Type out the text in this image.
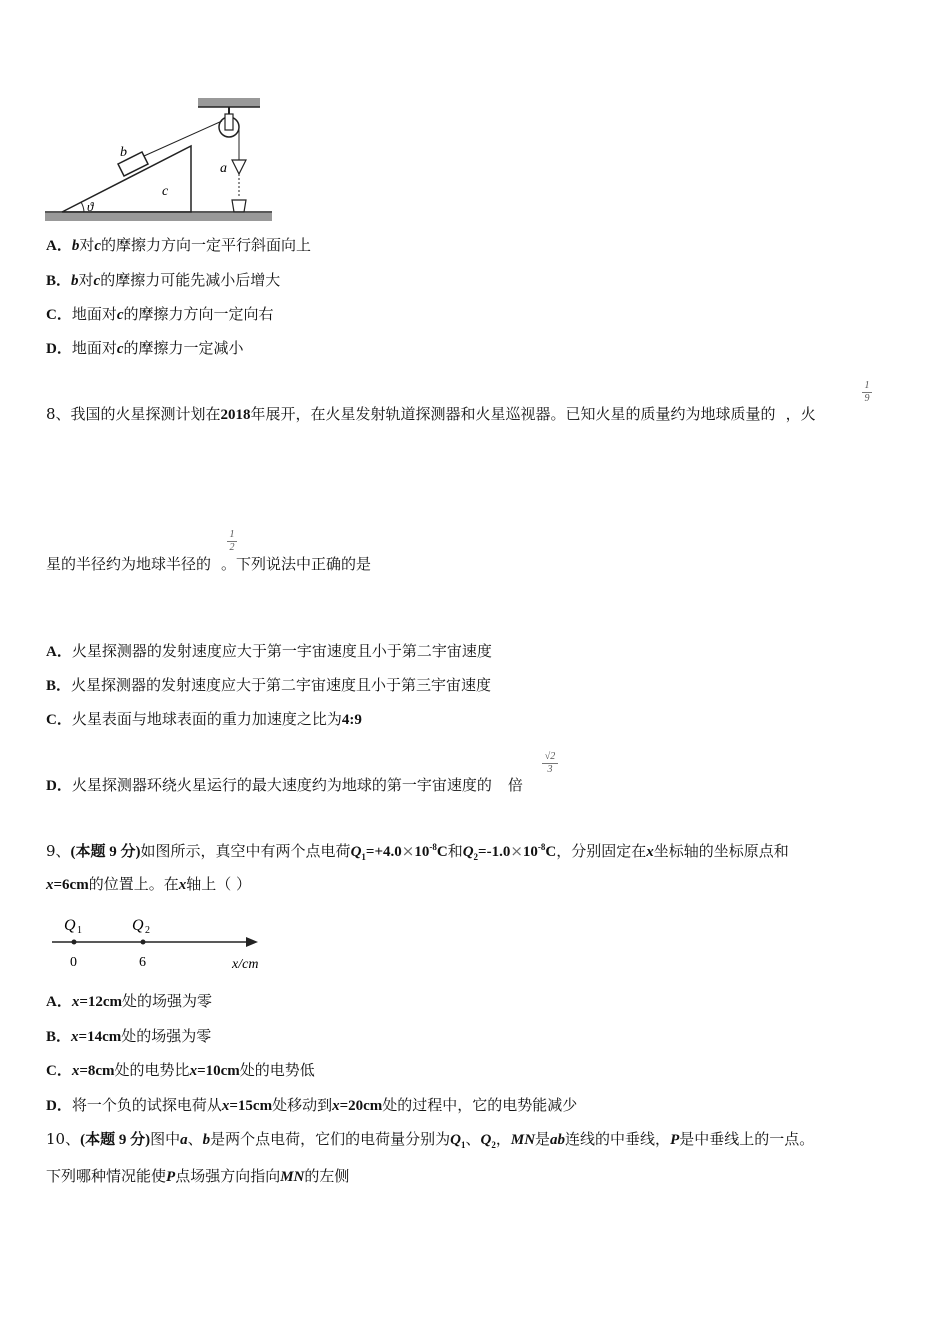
b
c
a
ϑ
A．b对c的摩擦力方向一定平行斜面向上
B．b对c的摩擦力可能先减小后增大
C．地面对c的摩擦力方向一定向右
D．地面对c的摩擦力一定减小
8、我国的火星探测计划在2018年展开，在火星发射轨道探测器和火星巡视器。已知火星的质量约为地球质量的 ，火
1
9
星的半径约为地球半径的 。下列说法中正确的是
1
2
A．火星探测器的发射速度应大于第一宇宙速度且小于第二宇宙速度
B．火星探测器的发射速度应大于第二宇宙速度且小于第三宇宙速度
C．火星表面与地球表面的重力加速度之比为4:9
D．火星探测器环绕火星运行的最大速度约为地球的第一宇宙速度的 倍
√2
3
9、(本题 9 分)如图所示，真空中有两个点电荷$Q_1=+4.0\times 10^{-8}C$和$Q_2=-1.0\times 10^{-8}C$，分别固定在x坐标轴的坐标原点和
x=6cm的位置上。在x轴上（ ）
Q 1	Q 2
0	6	x/cm
A．x=12cm处的场强为零
B．x=14cm处的场强为零
C．x=8cm处的电势比x=10cm处的电势低
D．将一个负的试探电荷从x=15cm处移动到x=20cm处的过程中，它的电势能减少
10、(本题 9 分)图中a、b是两个点电荷，它们的电荷量分别为$Q_1$、$Q_2$，MN是ab连线的中垂线，P是中垂线上的一点。
下列哪种情况能使P点场强方向指向MN的左侧
